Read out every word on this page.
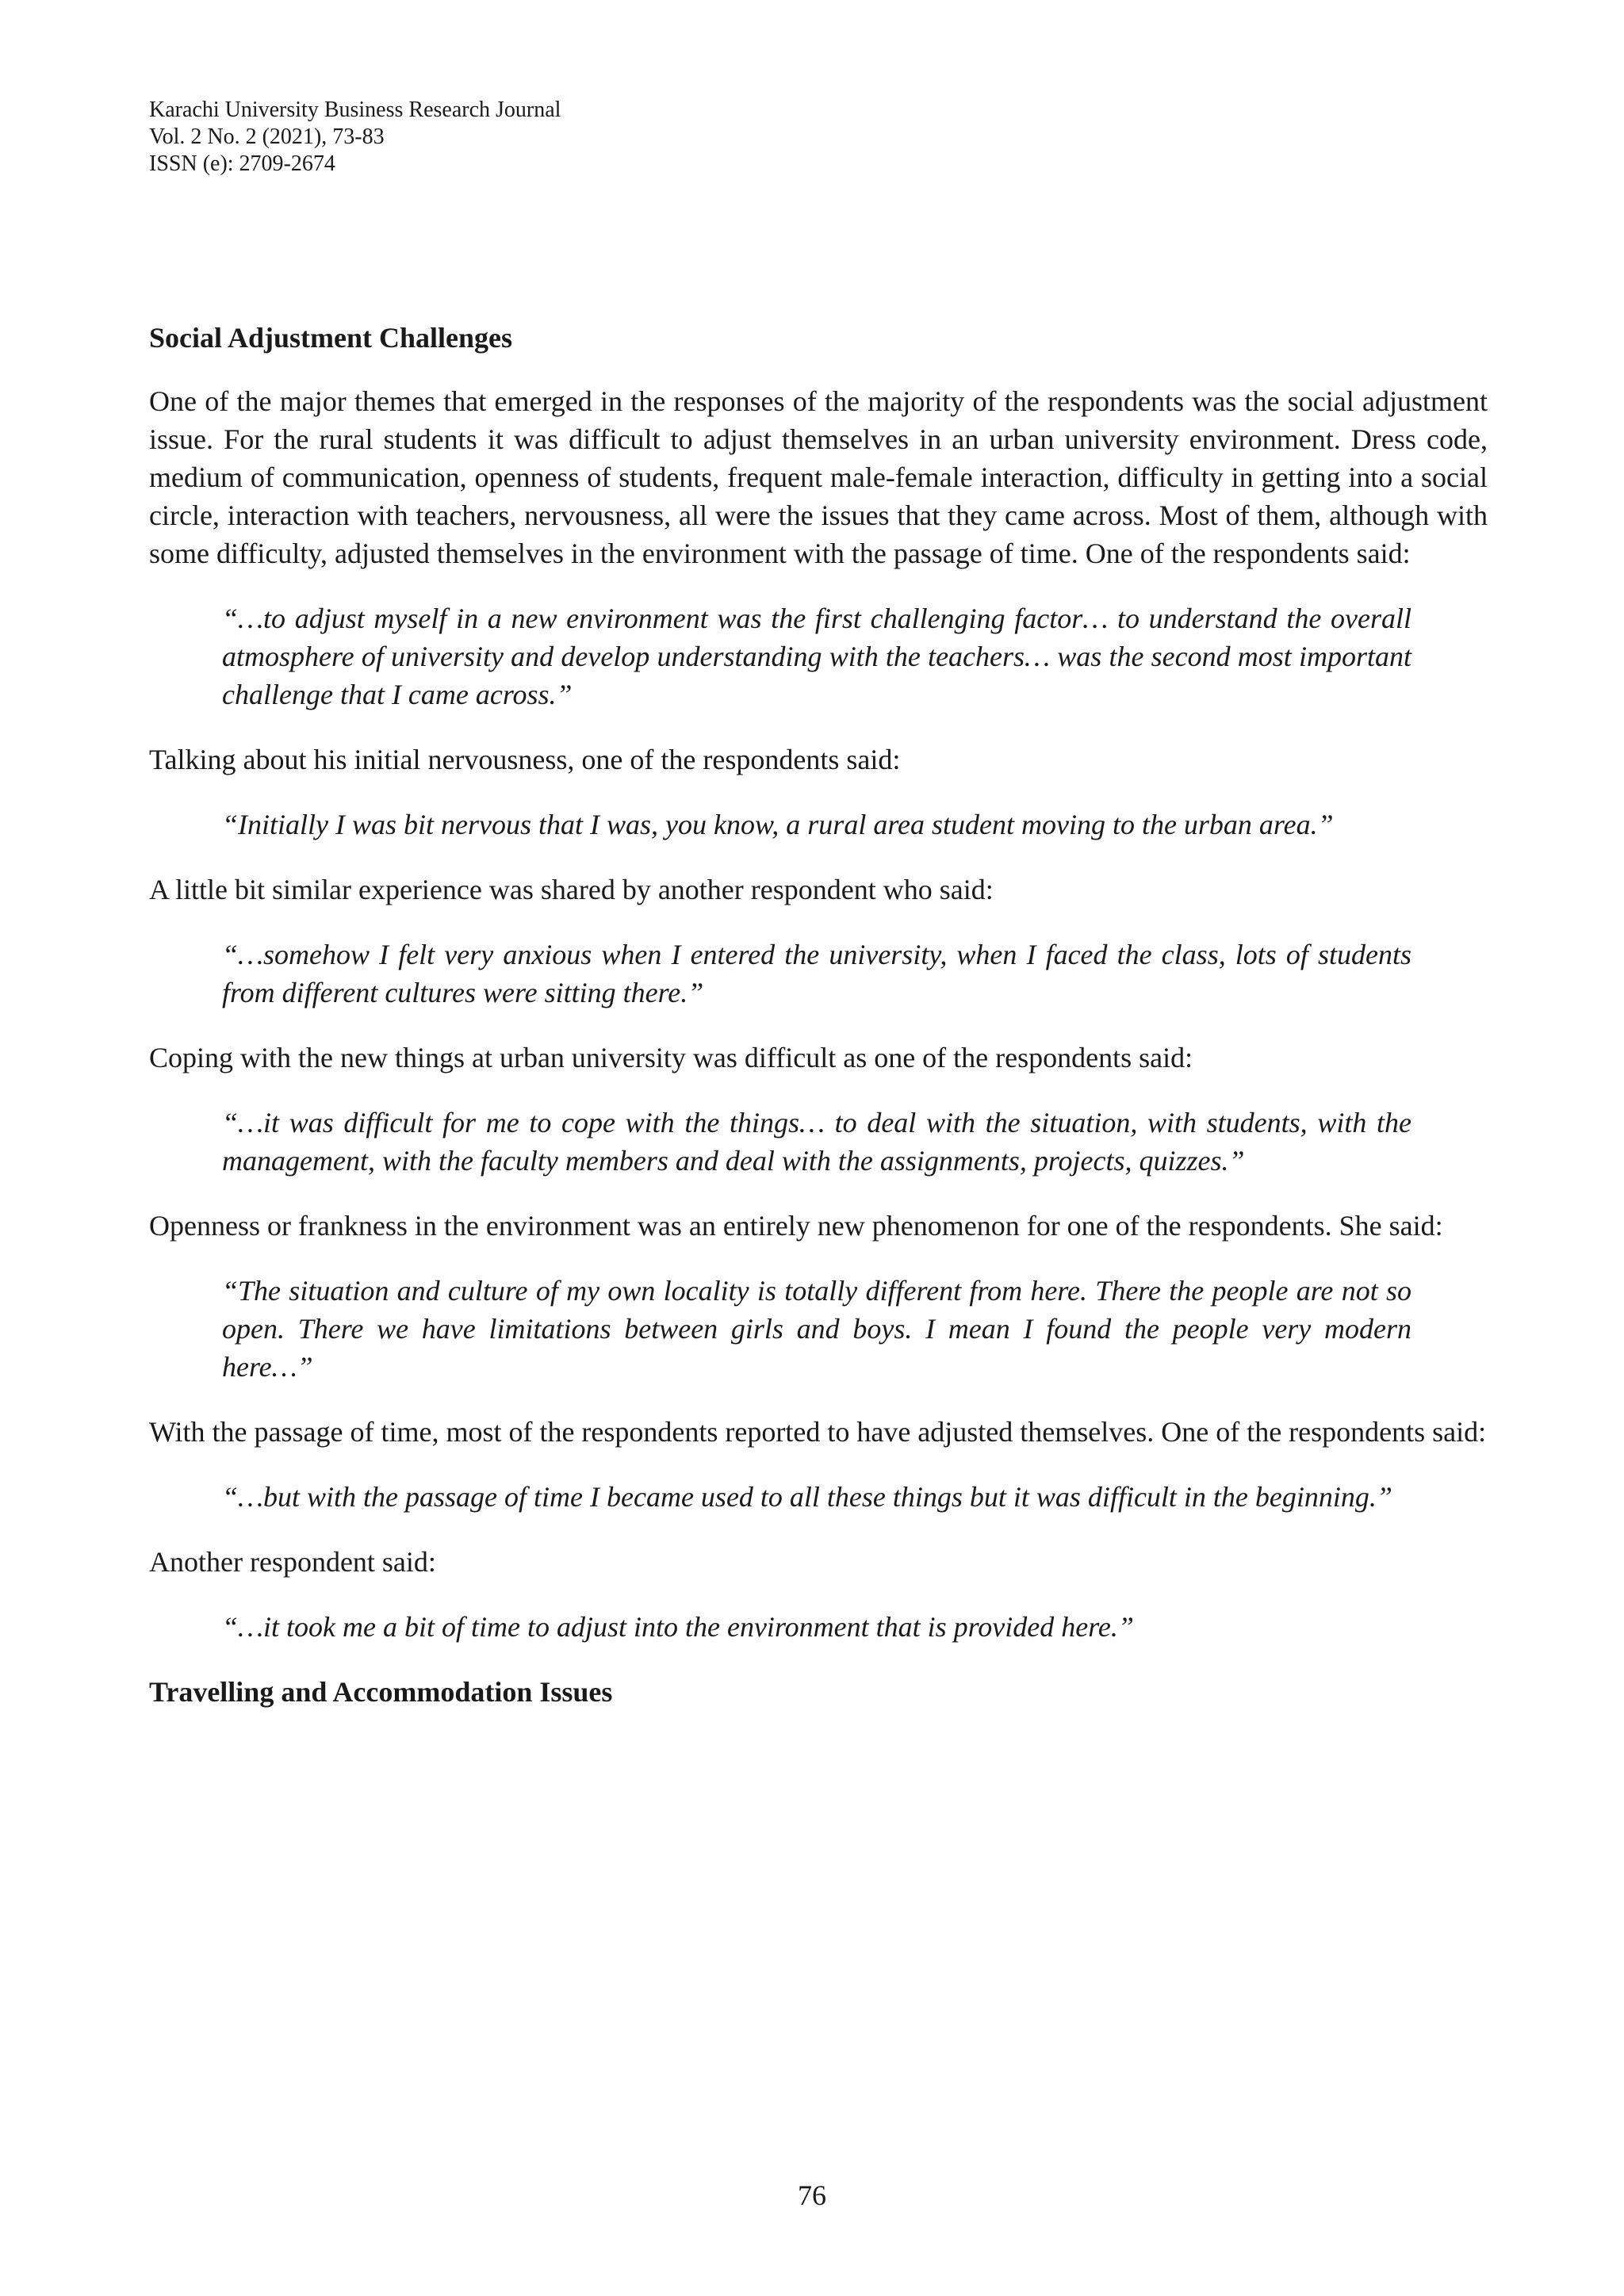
Karachi University Business Research Journal
Vol. 2 No. 2 (2021), 73-83
ISSN (e): 2709-2674
Social Adjustment Challenges

One of the major themes that emerged in the responses of the majority of the respondents was the social adjustment issue. For the rural students it was difficult to adjust themselves in an urban university environment. Dress code, medium of communication, openness of students, frequent male-female interaction, difficulty in getting into a social circle, interaction with teachers, nervousness, all were the issues that they came across. Most of them, although with some difficulty, adjusted themselves in the environment with the passage of time. One of the respondents said:

“…to adjust myself in a new environment was the first challenging factor… to understand the overall atmosphere of university and develop understanding with the teachers… was the second most important challenge that I came across.”

Talking about his initial nervousness, one of the respondents said:

“Initially I was bit nervous that I was, you know, a rural area student moving to the urban area.”

A little bit similar experience was shared by another respondent who said:

“…somehow I felt very anxious when I entered the university, when I faced the class, lots of students from different cultures were sitting there.”

Coping with the new things at urban university was difficult as one of the respondents said:

“…it was difficult for me to cope with the things… to deal with the situation, with students, with the management, with the faculty members and deal with the assignments, projects, quizzes.”

Openness or frankness in the environment was an entirely new phenomenon for one of the respondents. She said:

“The situation and culture of my own locality is totally different from here. There the people are not so open. There we have limitations between girls and boys. I mean I found the people very modern here…”

With the passage of time, most of the respondents reported to have adjusted themselves. One of the respondents said:

“…but with the passage of time I became used to all these things but it was difficult in the beginning.”

Another respondent said:

“…it took me a bit of time to adjust into the environment that is provided here.”

Travelling and Accommodation Issues
76
